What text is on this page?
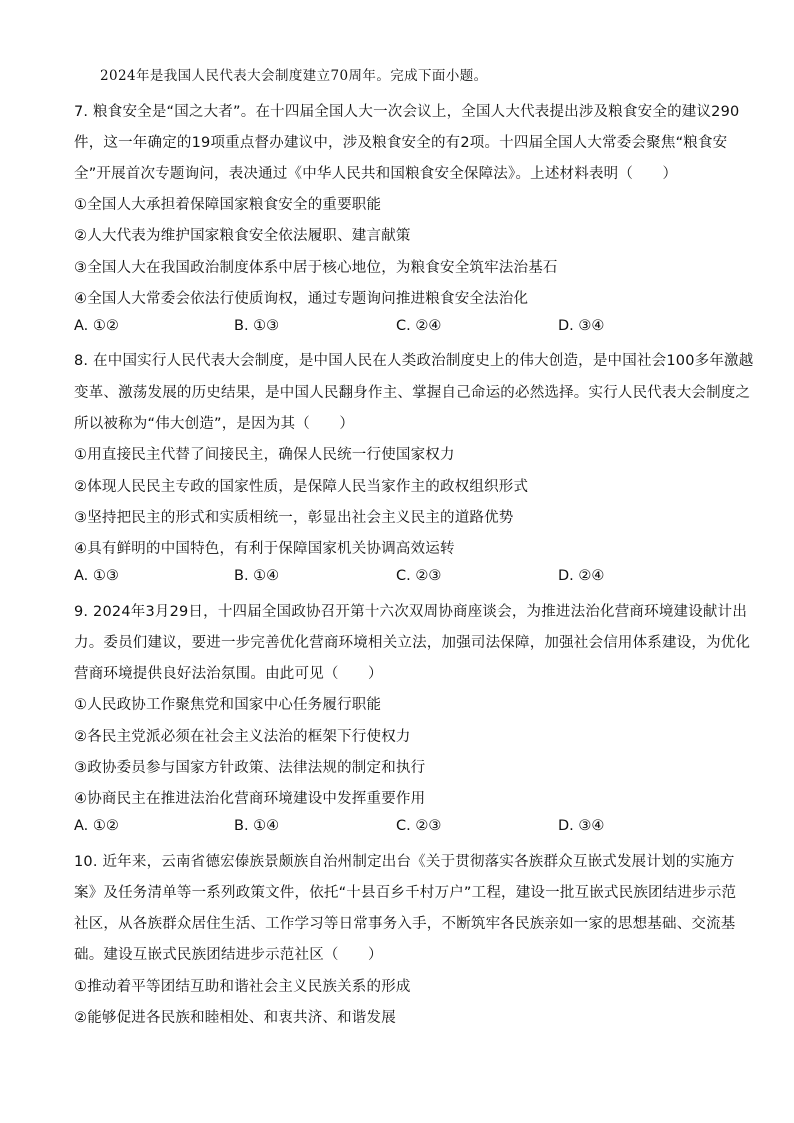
2024年是我国人民代表大会制度建立70周年。完成下面小题。
7. 粮食安全是“国之大者”。在十四届全国人大一次会议上，全国人大代表提出涉及粮食安全的建议290
件，这一年确定的19项重点督办建议中，涉及粮食安全的有2项。十四届全国人大常委会聚焦“粮食安
全”开展首次专题询问，表决通过《中华人民共和国粮食安全保障法》。上述材料表明（　　）
①全国人大承担着保障国家粮食安全的重要职能
②人大代表为维护国家粮食安全依法履职、建言献策
③全国人大在我国政治制度体系中居于核心地位，为粮食安全筑牢法治基石
④全国人大常委会依法行使质询权，通过专题询问推进粮食安全法治化
A. ①②	B. ①③	C. ②④	D. ③④
8. 在中国实行人民代表大会制度，是中国人民在人类政治制度史上的伟大创造，是中国社会100多年激越
变革、激荡发展的历史结果，是中国人民翻身作主、掌握自己命运的必然选择。实行人民代表大会制度之
所以被称为“伟大创造”，是因为其（　　）
①用直接民主代替了间接民主，确保人民统一行使国家权力
②体现人民民主专政的国家性质，是保障人民当家作主的政权组织形式
③坚持把民主的形式和实质相统一，彰显出社会主义民主的道路优势
④具有鲜明的中国特色，有利于保障国家机关协调高效运转
A. ①③	B. ①④	C. ②③	D. ②④
9. 2024年3月29日，十四届全国政协召开第十六次双周协商座谈会，为推进法治化营商环境建设献计出
力。委员们建议，要进一步完善优化营商环境相关立法，加强司法保障，加强社会信用体系建设，为优化
营商环境提供良好法治氛围。由此可见（　　）
①人民政协工作聚焦党和国家中心任务履行职能
②各民主党派必须在社会主义法治的框架下行使权力
③政协委员参与国家方针政策、法律法规的制定和执行
④协商民主在推进法治化营商环境建设中发挥重要作用
A. ①②	B. ①④	C. ②③	D. ③④
10. 近年来，云南省德宏傣族景颇族自治州制定出台《关于贯彻落实各族群众互嵌式发展计划的实施方
案》及任务清单等一系列政策文件，依托“十县百乡千村万户”工程，建设一批互嵌式民族团结进步示范
社区，从各族群众居住生活、工作学习等日常事务入手，不断筑牢各民族亲如一家的思想基础、交流基
础。建设互嵌式民族团结进步示范社区（　　）
①推动着平等团结互助和谐社会主义民族关系的形成
②能够促进各民族和睦相处、和衷共济、和谐发展
